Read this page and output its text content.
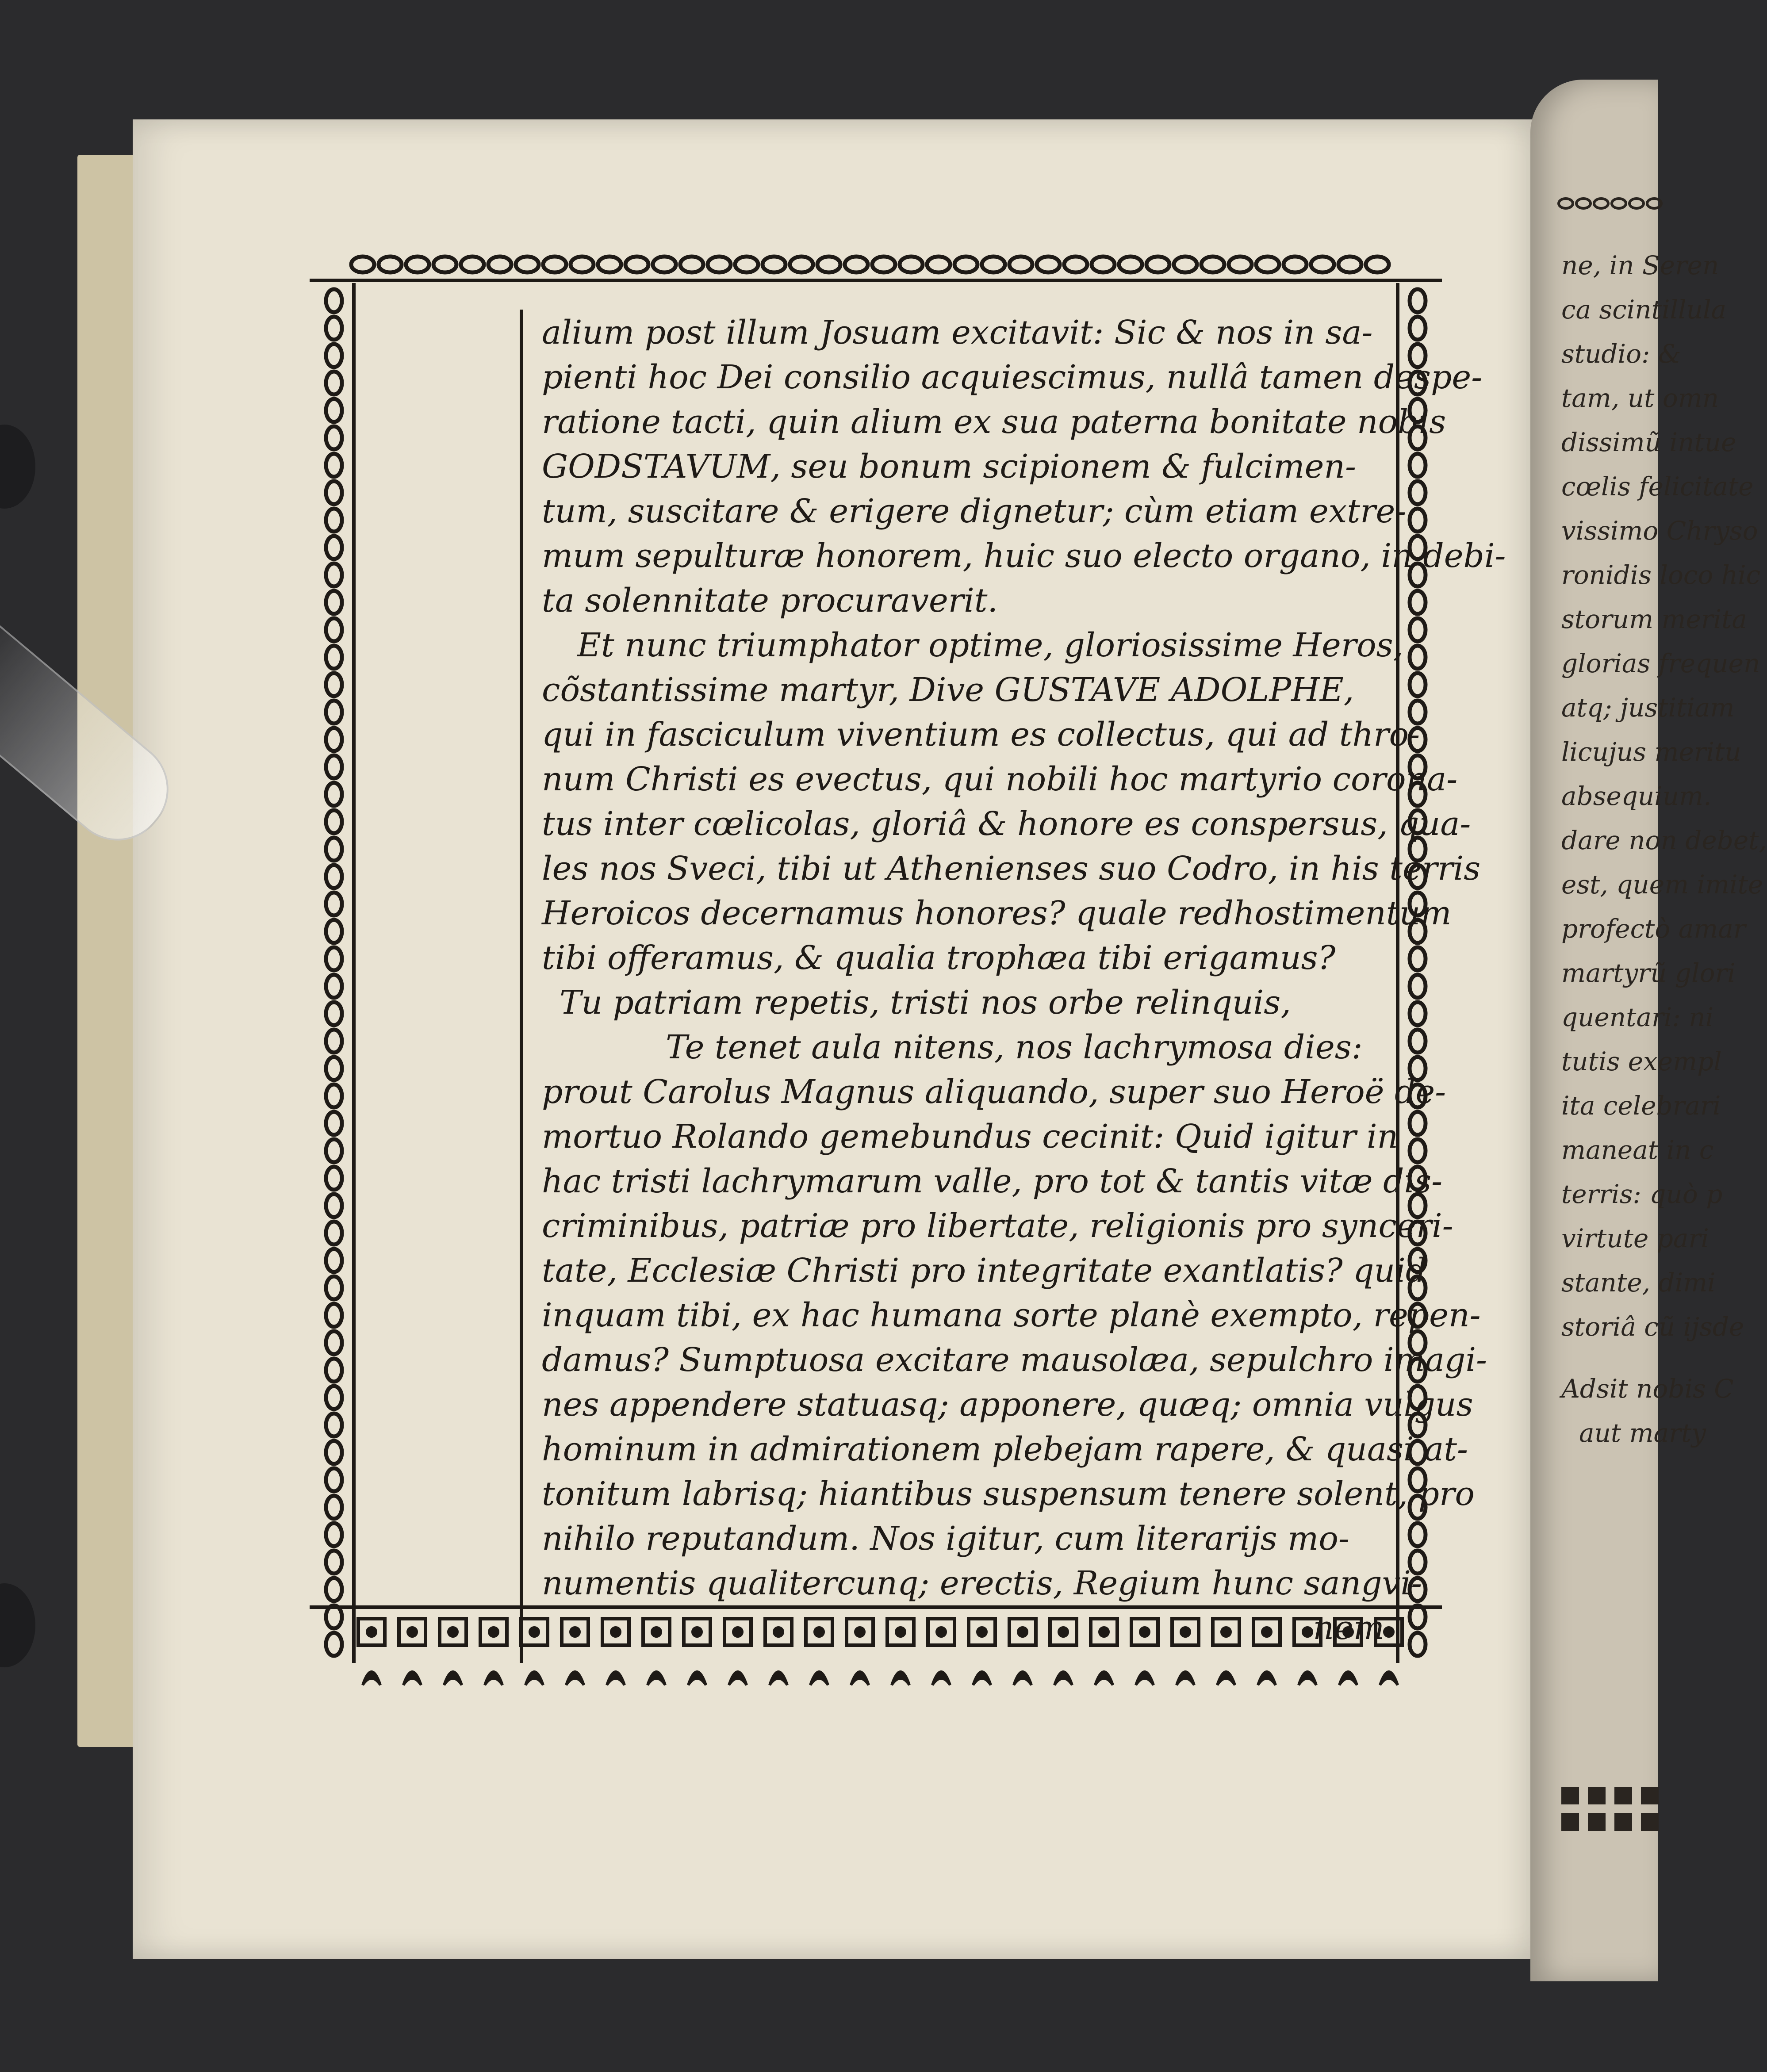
alium post illum Josuam excitavit: Sic & nos in sa-
pienti hoc Dei consilio acquiescimus, nullâ tamen despe-
ratione tacti, quin alium ex sua paterna bonitate nobis
GODSTAVUM, seu bonum scipionem & fulcimen-
tum, suscitare & erigere dignetur; cùm etiam extre-
mum sepulturæ honorem, huic suo electo organo, in debi-
ta solennitate procuraverit.
Et nunc triumphator optime, gloriosissime Heros,
cõstantissime martyr, Dive GUSTAVE ADOLPHE,
qui in fasciculum viventium es collectus, qui ad thro-
num Christi es evectus, qui nobili hoc martyrio corona-
tus inter cœlicolas, gloriâ & honore es conspersus, qua-
les nos Sveci, tibi ut Athenienses suo Codro, in his terris
Heroicos decernamus honores? quale redhostimentum
tibi offeramus, & qualia trophæa tibi erigamus?
Tu patriam repetis, tristi nos orbe relinquis,
Te tenet aula nitens, nos lachrymosa dies:
prout Carolus Magnus aliquando, super suo Heroë de-
mortuo Rolando gemebundus cecinit: Quid igitur in
hac tristi lachrymarum valle, pro tot & tantis vitæ dis-
criminibus, patriæ pro libertate, religionis pro synceri-
tate, Ecclesiæ Christi pro integritate exantlatis? quid
inquam tibi, ex hac humana sorte planè exempto, repen-
damus? Sumptuosa excitare mausolæa, sepulchro imagi-
nes appendere statuasq; apponere, quæq; omnia vulgus
hominum in admirationem plebejam rapere, & quasi at-
tonitum labrisq; hiantibus suspensum tenere solent, pro
nihilo reputandum. Nos igitur, cum literarijs mo-
numentis qualitercunq; erectis, Regium hunc sangvi-
nem
ne, in Seren
ca scintillula
studio: &
tam, ut omn
dissimũ intue
cœlis felicitate
vissimo Chryso
ronidis loco hic
storum merita
glorias frequen
atq; justitiam
licujus meritu
absequium.
dare non debet,
est, quem imite
profectò amar
martyrũ glori
quentari: ni
tutis exempl
ita celebrari
maneat in c
terris: quò p
virtute pari
stante, dimi
storiâ cũ ijsde
Adsit nobis C
aut marty
